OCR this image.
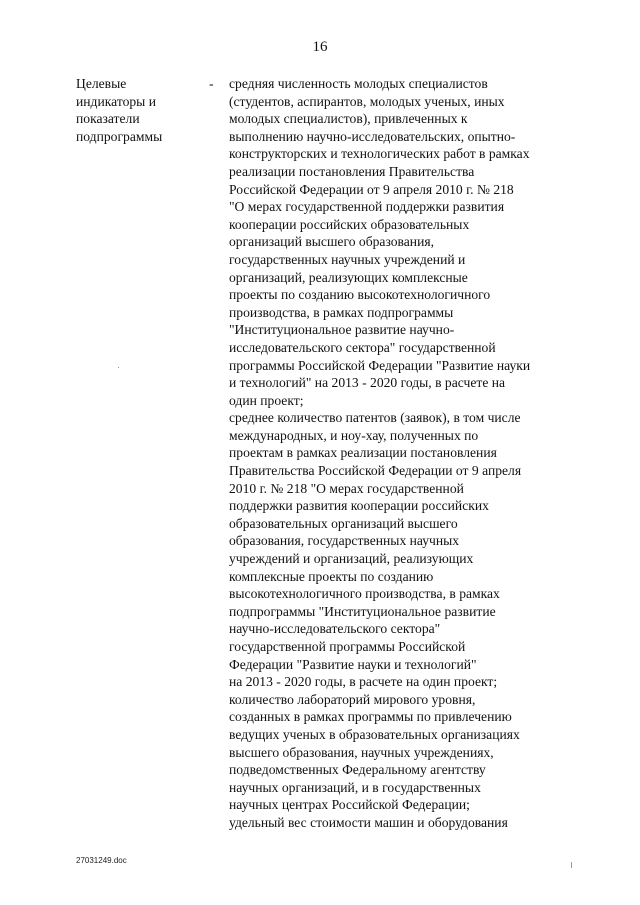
16
Целевые
индикаторы и
показатели
подпрограммы
- средняя численность молодых специалистов
(студентов, аспирантов, молодых ученых, иных
молодых специалистов), привлеченных к
выполнению научно-исследовательских, опытно-
конструкторских и технологических работ в рамках
реализации постановления Правительства
Российской Федерации от 9 апреля 2010 г. № 218
"О мерах государственной поддержки развития
кооперации российских образовательных
организаций высшего образования,
государственных научных учреждений и
организаций, реализующих комплексные
проекты по созданию высокотехнологичного
производства, в рамках подпрограммы
"Институциональное развитие научно-
исследовательского сектора" государственной
программы Российской Федерации "Развитие науки
и технологий" на 2013 - 2020 годы, в расчете на
один проект;
среднее количество патентов (заявок), в том числе
международных, и ноу-хау, полученных по
проектам в рамках реализации постановления
Правительства Российской Федерации от 9 апреля
2010 г. № 218 "О мерах государственной
поддержки развития кооперации российских
образовательных организаций высшего
образования, государственных научных
учреждений и организаций, реализующих
комплексные проекты по созданию
высокотехнологичного производства, в рамках
подпрограммы "Институциональное развитие
научно-исследовательского сектора"
государственной программы Российской
Федерации "Развитие науки и технологий"
на 2013 - 2020 годы, в расчете на один проект;
количество лабораторий мирового уровня,
созданных в рамках программы по привлечению
ведущих ученых в образовательных организациях
высшего образования, научных учреждениях,
подведомственных Федеральному агентству
научных организаций, и в государственных
научных центрах Российской Федерации;
удельный вес стоимости машин и оборудования
27031249.doc
